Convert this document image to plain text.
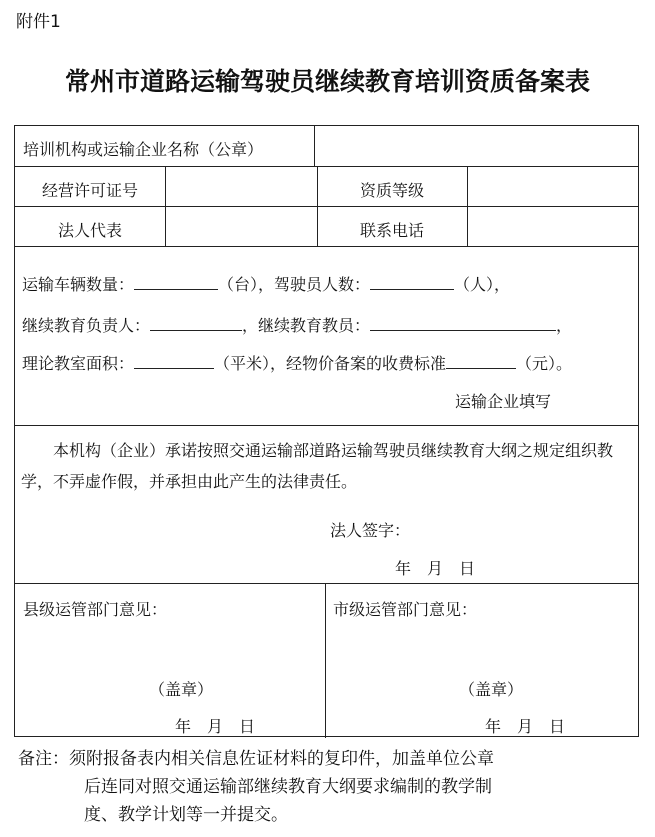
附件1
常州市道路运输驾驶员继续教育培训资质备案表
培训机构或运输企业名称（公章）
经营许可证号	资质等级
法人代表	联系电话
运输车辆数量：	（台），驾驶员人数：	（人），
继续教育负责人：	，继续教育教员：	，
理论教室面积：	（平米），经物价备案的收费标准	（元）。
运输企业填写
本机构（企业）承诺按照交通运输部道路运输驾驶员继续教育大纲之规定组织教学，不弄虚作假，并承担由此产生的法律责任。
法人签字：
年　月　日
县级运管部门意见：
（盖章）
年　月　日
市级运管部门意见：
（盖章）
年　月　日
备注：须附报备表内相关信息佐证材料的复印件，加盖单位公章
后连同对照交通运输部继续教育大纲要求编制的教学制
度、教学计划等一并提交。
